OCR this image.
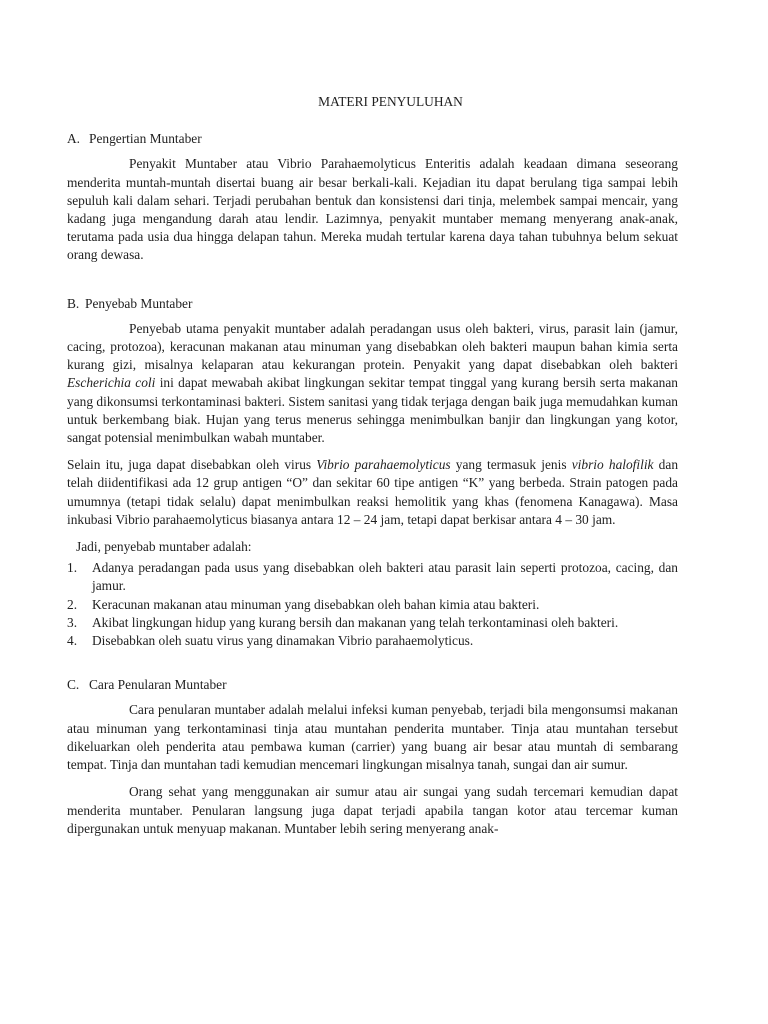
MATERI PENYULUHAN
A. Pengertian Muntaber

Penyakit Muntaber atau Vibrio Parahaemolyticus Enteritis adalah keadaan dimana seseorang menderita muntah-muntah disertai buang air besar berkali-kali. Kejadian itu dapat berulang tiga sampai lebih sepuluh kali dalam sehari. Terjadi perubahan bentuk dan konsistensi dari tinja, melembek sampai mencair, yang kadang juga mengandung darah atau lendir. Lazimnya, penyakit muntaber memang menyerang anak-anak, terutama pada usia dua hingga delapan tahun. Mereka mudah tertular karena daya tahan tubuhnya belum sekuat orang dewasa.

B. Penyebab Muntaber

Penyebab utama penyakit muntaber adalah peradangan usus oleh bakteri, virus, parasit lain (jamur, cacing, protozoa), keracunan makanan atau minuman yang disebabkan oleh bakteri maupun bahan kimia serta kurang gizi, misalnya kelaparan atau kekurangan protein. Penyakit yang dapat disebabkan oleh bakteri Escherichia coli ini dapat mewabah akibat lingkungan sekitar tempat tinggal yang kurang bersih serta makanan yang dikonsumsi terkontaminasi bakteri. Sistem sanitasi yang tidak terjaga dengan baik juga memudahkan kuman untuk berkembang biak. Hujan yang terus menerus sehingga menimbulkan banjir dan lingkungan yang kotor, sangat potensial menimbulkan wabah muntaber.

Selain itu, juga dapat disebabkan oleh virus Vibrio parahaemolyticus yang termasuk jenis vibrio halofilik dan telah diidentifikasi ada 12 grup antigen “O” dan sekitar 60 tipe antigen “K” yang berbeda. Strain patogen pada umumnya (tetapi tidak selalu) dapat menimbulkan reaksi hemolitik yang khas (fenomena Kanagawa). Masa inkubasi Vibrio parahaemolyticus biasanya antara 12 – 24 jam, tetapi dapat berkisar antara 4 – 30 jam.

Jadi, penyebab muntaber adalah:

1. Adanya peradangan pada usus yang disebabkan oleh bakteri atau parasit lain seperti protozoa, cacing, dan jamur.
2. Keracunan makanan atau minuman yang disebabkan oleh bahan kimia atau bakteri.
3. Akibat lingkungan hidup yang kurang bersih dan makanan yang telah terkontaminasi oleh bakteri.
4. Disebabkan oleh suatu virus yang dinamakan Vibrio parahaemolyticus.
C. Cara Penularan Muntaber

Cara penularan muntaber adalah melalui infeksi kuman penyebab, terjadi bila mengonsumsi makanan atau minuman yang terkontaminasi tinja atau muntahan penderita muntaber. Tinja atau muntahan tersebut dikeluarkan oleh penderita atau pembawa kuman (carrier) yang buang air besar atau muntah di sembarang tempat. Tinja dan muntahan tadi kemudian mencemari lingkungan misalnya tanah, sungai dan air sumur.

Orang sehat yang menggunakan air sumur atau air sungai yang sudah tercemari kemudian dapat menderita muntaber. Penularan langsung juga dapat terjadi apabila tangan kotor atau tercemar kuman dipergunakan untuk menyuap makanan. Muntaber lebih sering menyerang anak-
